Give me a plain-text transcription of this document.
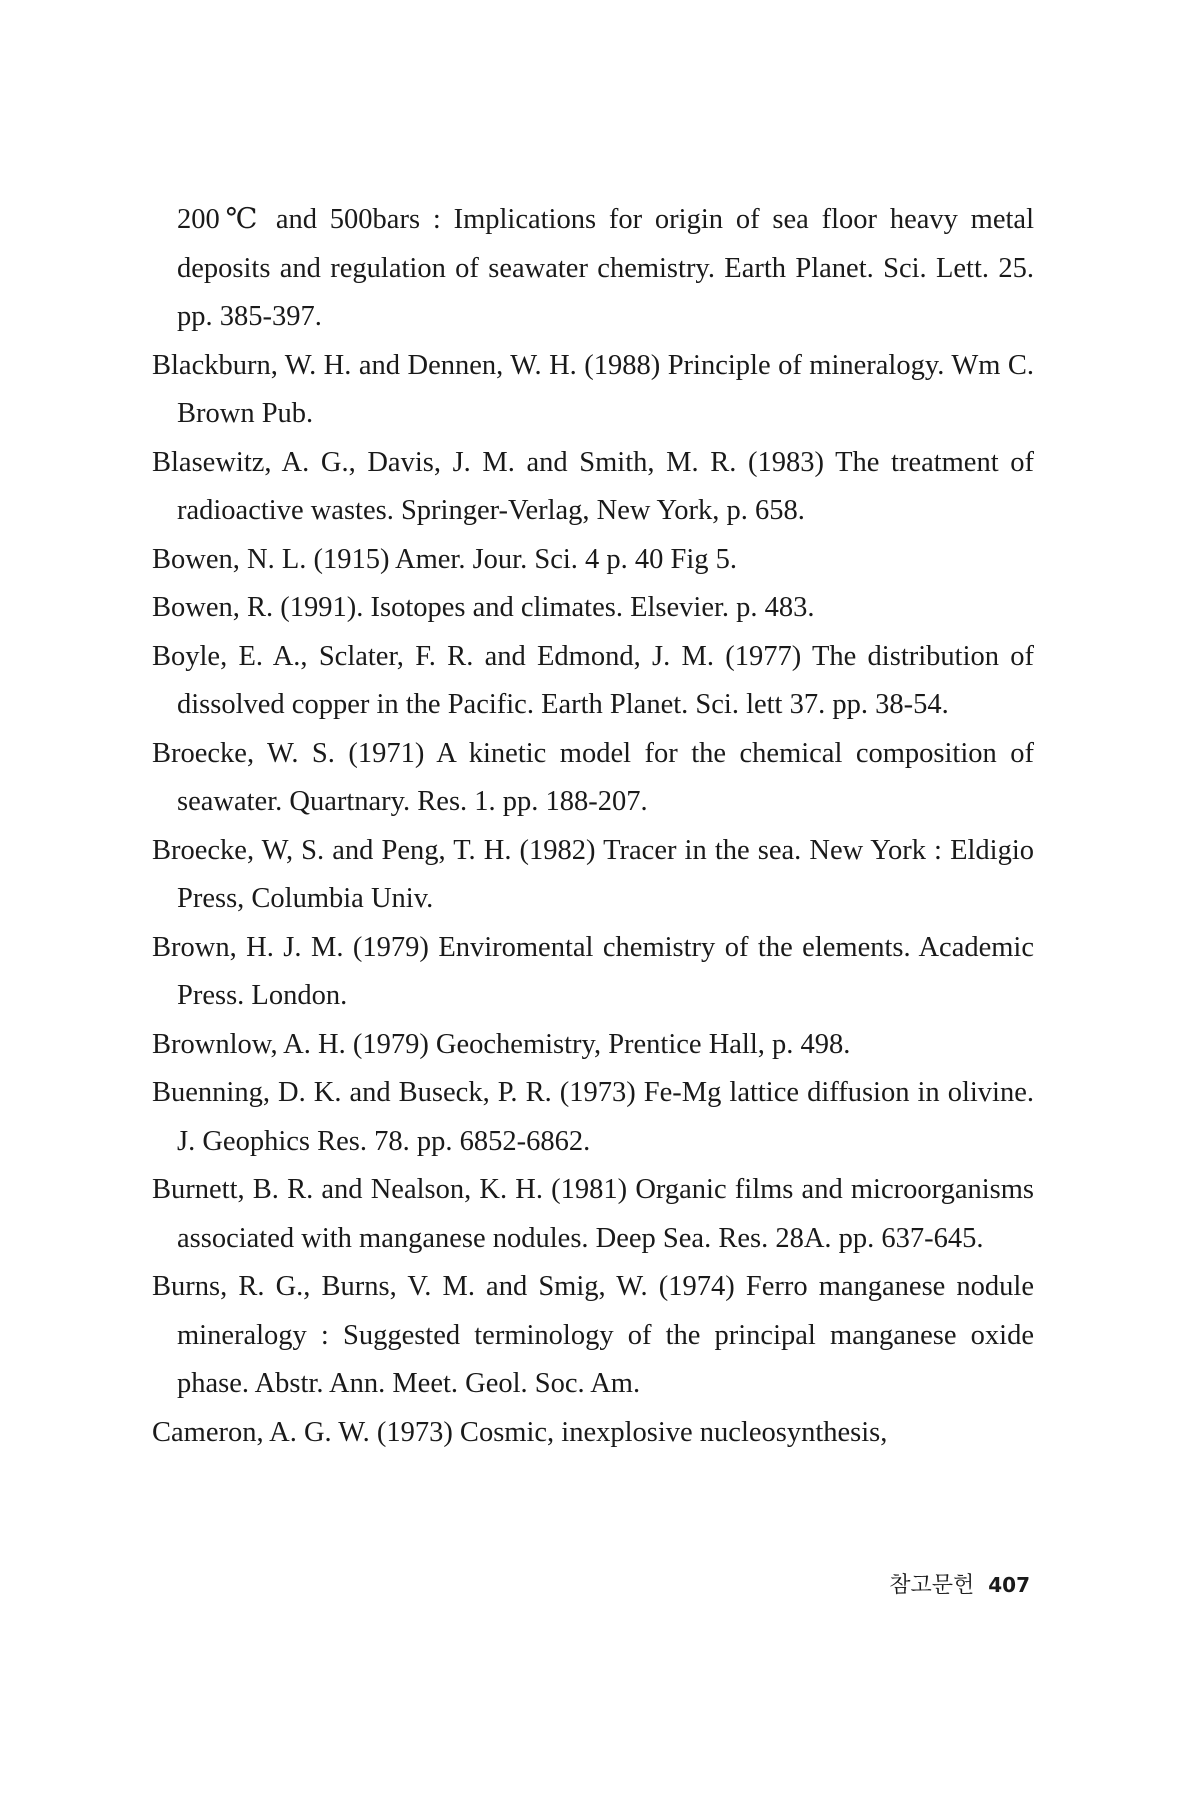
200℃ and 500bars : Implications for origin of sea floor heavy metal deposits and regulation of seawater chemistry. Earth Planet. Sci. Lett. 25. pp. 385-397.
Blackburn, W. H. and Dennen, W. H. (1988) Principle of mineralogy. Wm C. Brown Pub.
Blasewitz, A. G., Davis, J. M. and Smith, M. R. (1983) The treatment of radioactive wastes. Springer-Verlag, New York, p. 658.
Bowen, N. L. (1915) Amer. Jour. Sci. 4 p. 40 Fig 5.
Bowen, R. (1991). Isotopes and climates. Elsevier. p. 483.
Boyle, E. A., Sclater, F. R. and Edmond, J. M. (1977) The distribution of dissolved copper in the Pacific. Earth Planet. Sci. lett 37. pp. 38-54.
Broecke, W. S. (1971) A kinetic model for the chemical composition of seawater. Quartnary. Res. 1. pp. 188-207.
Broecke, W, S. and Peng, T. H. (1982) Tracer in the sea. New York : Eldigio Press, Columbia Univ.
Brown, H. J. M. (1979) Enviromental chemistry of the elements. Academic Press. London.
Brownlow, A. H. (1979) Geochemistry, Prentice Hall, p. 498.
Buenning, D. K. and Buseck, P. R. (1973) Fe-Mg lattice diffusion in olivine. J. Geophics Res. 78. pp. 6852-6862.
Burnett, B. R. and Nealson, K. H. (1981) Organic films and microorganisms associated with manganese nodules. Deep Sea. Res. 28A. pp. 637-645.
Burns, R. G., Burns, V. M. and Smig, W. (1974) Ferro manganese nodule mineralogy : Suggested terminology of the principal manganese oxide phase. Abstr. Ann. Meet. Geol. Soc. Am.
Cameron, A. G. W. (1973) Cosmic, inexplosive nucleosynthesis,
참고문헌 407
